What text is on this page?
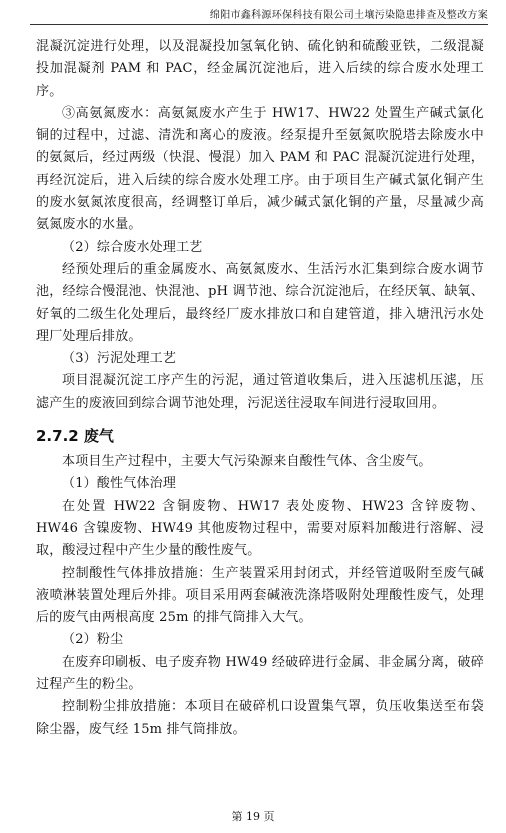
绵阳市鑫科源环保科技有限公司土壤污染隐患排查及整改方案

混凝沉淀进行处理，以及混凝投加氢氧化钠、硫化钠和硫酸亚铁，二级混凝投加混凝剂 PAM 和 PAC，经金属沉淀池后，进入后续的综合废水处理工序。

③高氨氮废水：高氨氮废水产生于 HW17、HW22 处置生产碱式氯化铜的过程中，过滤、清洗和离心的废液。经泵提升至氨氮吹脱塔去除废水中的氨氮后，经过两级（快混、慢混）加入 PAM 和 PAC 混凝沉淀进行处理，再经沉淀后，进入后续的综合废水处理工序。由于项目生产碱式氯化铜产生的废水氨氮浓度很高，经调整订单后，减少碱式氯化铜的产量，尽量减少高氨氮废水的水量。

（2）综合废水处理工艺

经预处理后的重金属废水、高氨氮废水、生活污水汇集到综合废水调节池，经综合慢混池、快混池、pH 调节池、综合沉淀池后，在经厌氧、缺氧、好氧的二级生化处理后，最终经厂废水排放口和自建管道，排入塘汛污水处理厂处理后排放。

（3）污泥处理工艺

项目混凝沉淀工序产生的污泥，通过管道收集后，进入压滤机压滤，压滤产生的废液回到综合调节池处理，污泥送往浸取车间进行浸取回用。

2.7.2 废气

本项目生产过程中，主要大气污染源来自酸性气体、含尘废气。

（1）酸性气体治理

在处置 HW22 含铜废物、HW17 表处废物、HW23 含锌废物、HW46 含镍废物、HW49 其他废物过程中，需要对原料加酸进行溶解、浸取，酸浸过程中产生少量的酸性废气。

控制酸性气体排放措施：生产装置采用封闭式，并经管道吸附至废气碱液喷淋装置处理后外排。项目采用两套碱液洗涤塔吸附处理酸性废气，处理后的废气由两根高度 25m 的排气筒排入大气。

（2）粉尘

在废弃印刷板、电子废弃物 HW49 经破碎进行金属、非金属分离，破碎过程产生的粉尘。

控制粉尘排放措施：本项目在破碎机口设置集气罩，负压收集送至布袋除尘器，废气经 15m 排气筒排放。

第 19 页
